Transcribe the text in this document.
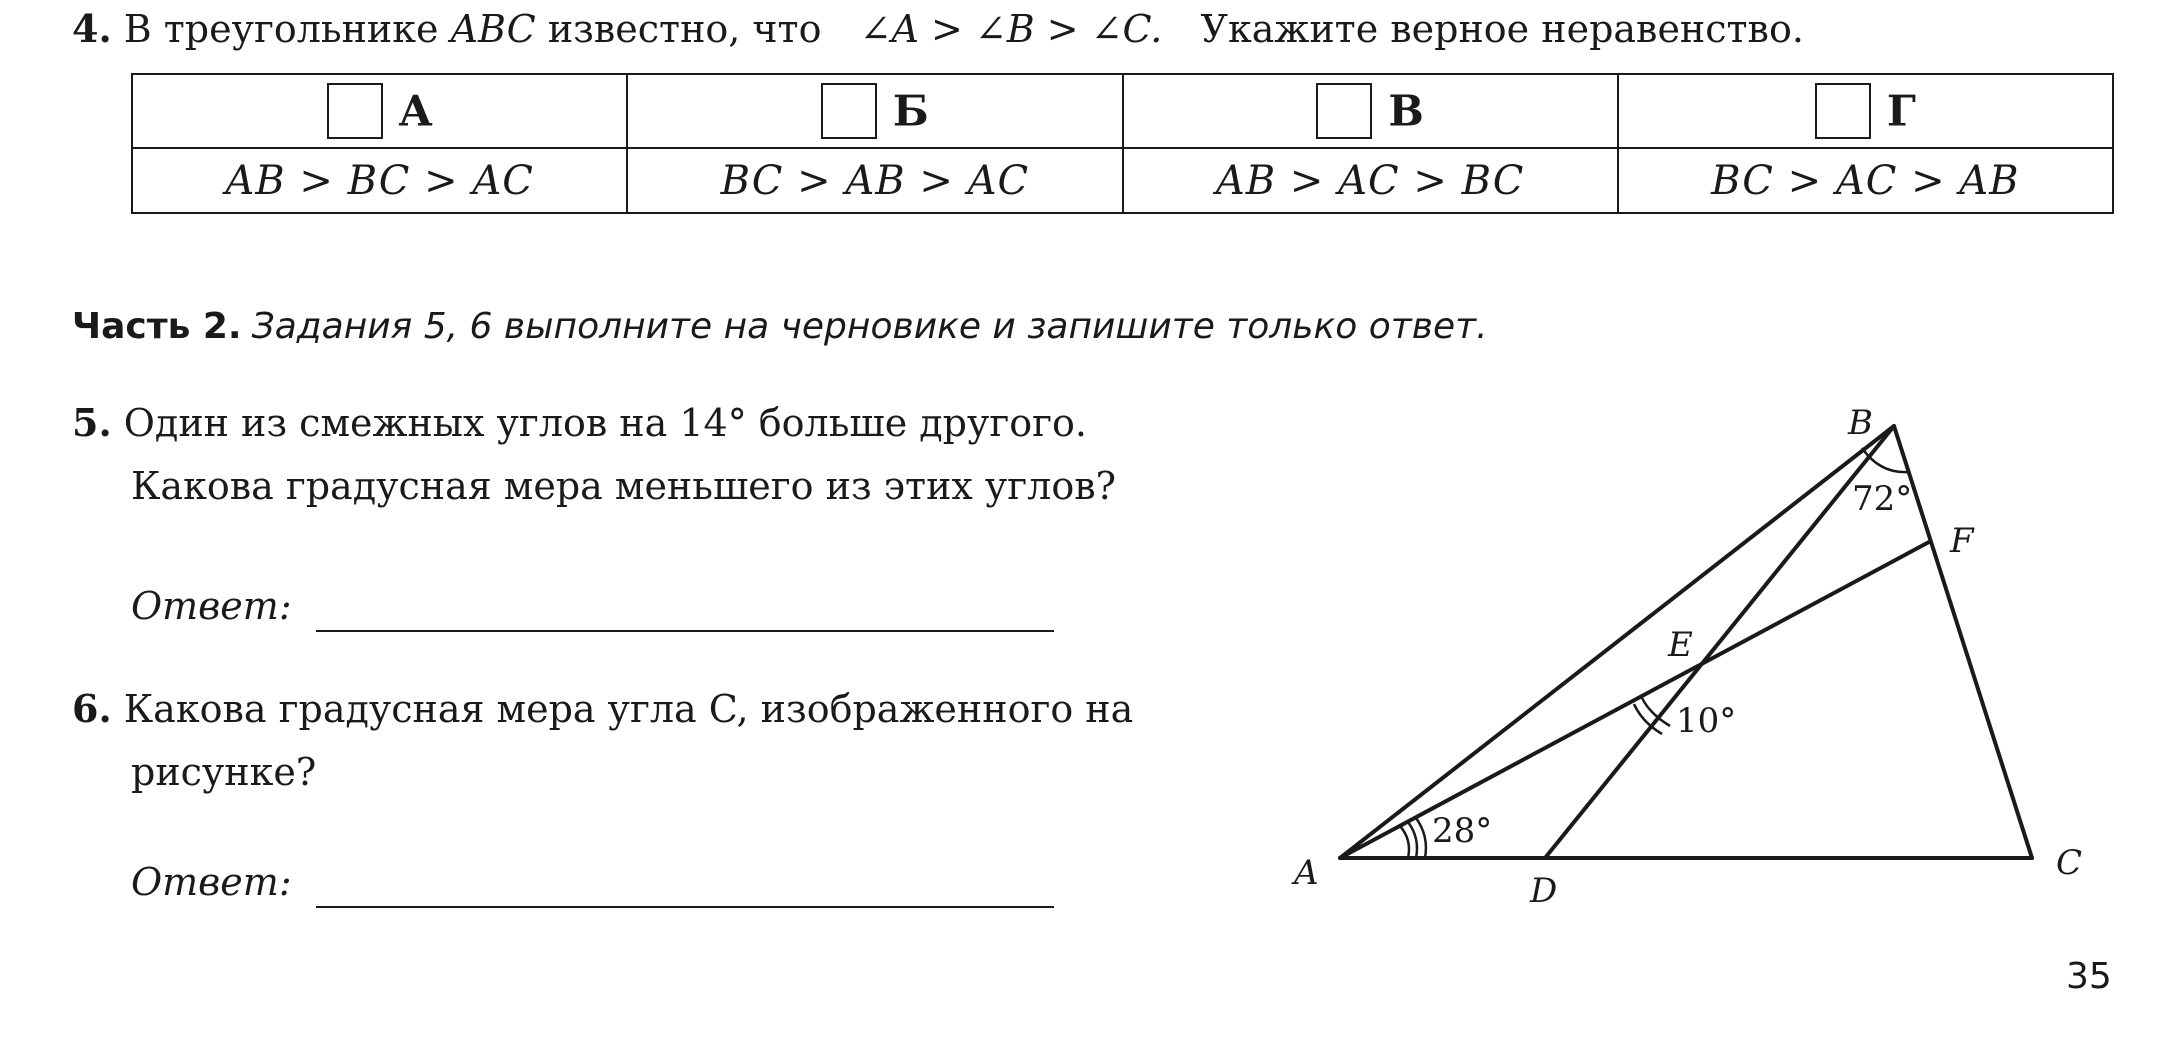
4. В треугольнике ABC известно, что ∠A > ∠B > ∠C. Укажите верное неравенство.
А	Б	В	Г
AB > BC > AC	BC > AB > AC	AB > AC > BC	BC > AC > AB
Часть 2. Задания 5, 6 выполните на черновике и запишите только ответ.
5. Один из смежных углов на 14° больше другого.
Какова градусная мера меньшего из этих углов?
Ответ:
6. Какова градусная мера угла C, изображенного на
рисунке?
Ответ:
B
F
E
A	D
C
72°
10°
28°
35
